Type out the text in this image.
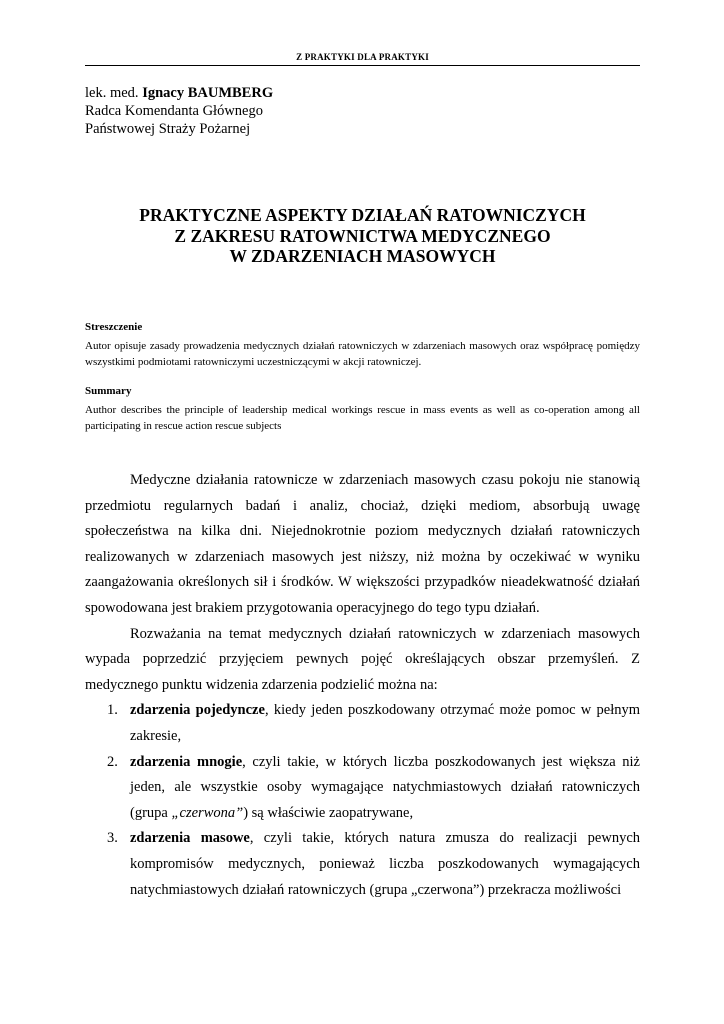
Z PRAKTYKI DLA PRAKTYKI
lek. med. Ignacy BAUMBERG
Radca Komendanta Głównego
Państwowej Straży Pożarnej
PRAKTYCZNE ASPEKTY DZIAŁAŃ RATOWNICZYCH
Z ZAKRESU RATOWNICTWA MEDYCZNEGO
W ZDARZENIACH MASOWYCH
Streszczenie
Autor opisuje zasady prowadzenia medycznych działań ratowniczych w zdarzeniach masowych oraz współpracę pomiędzy wszystkimi podmiotami ratowniczymi uczestniczącymi w akcji ratowniczej.
Summary
Author describes the principle of leadership medical workings rescue in mass events as well as co-operation among all participating in rescue action rescue subjects

Medyczne działania ratownicze w zdarzeniach masowych czasu pokoju nie stanowią przedmiotu regularnych badań i analiz, chociaż, dzięki mediom, absorbują uwagę społeczeństwa na kilka dni. Niejednokrotnie poziom medycznych działań ratowniczych realizowanych w zdarzeniach masowych jest niższy, niż można by oczekiwać w wyniku zaangażowania określonych sił i środków. W większości przypadków nieadekwatność działań spowodowana jest brakiem przygotowania operacyjnego do tego typu działań.

Rozważania na temat medycznych działań ratowniczych w zdarzeniach masowych wypada poprzedzić przyjęciem pewnych pojęć określających obszar przemyśleń. Z medycznego punktu widzenia zdarzenia podzielić można na:

1. zdarzenia pojedyncze, kiedy jeden poszkodowany otrzymać może pomoc w pełnym zakresie,
2. zdarzenia mnogie, czyli takie, w których liczba poszkodowanych jest większa niż jeden, ale wszystkie osoby wymagające natychmiastowych działań ratowniczych (grupa „czerwona”) są właściwie zaopatrywane,
3. zdarzenia masowe, czyli takie, których natura zmusza do realizacji pewnych kompromisów medycznych, ponieważ liczba poszkodowanych wymagających natychmiastowych działań ratowniczych (grupa „czerwona”) przekracza możliwości
